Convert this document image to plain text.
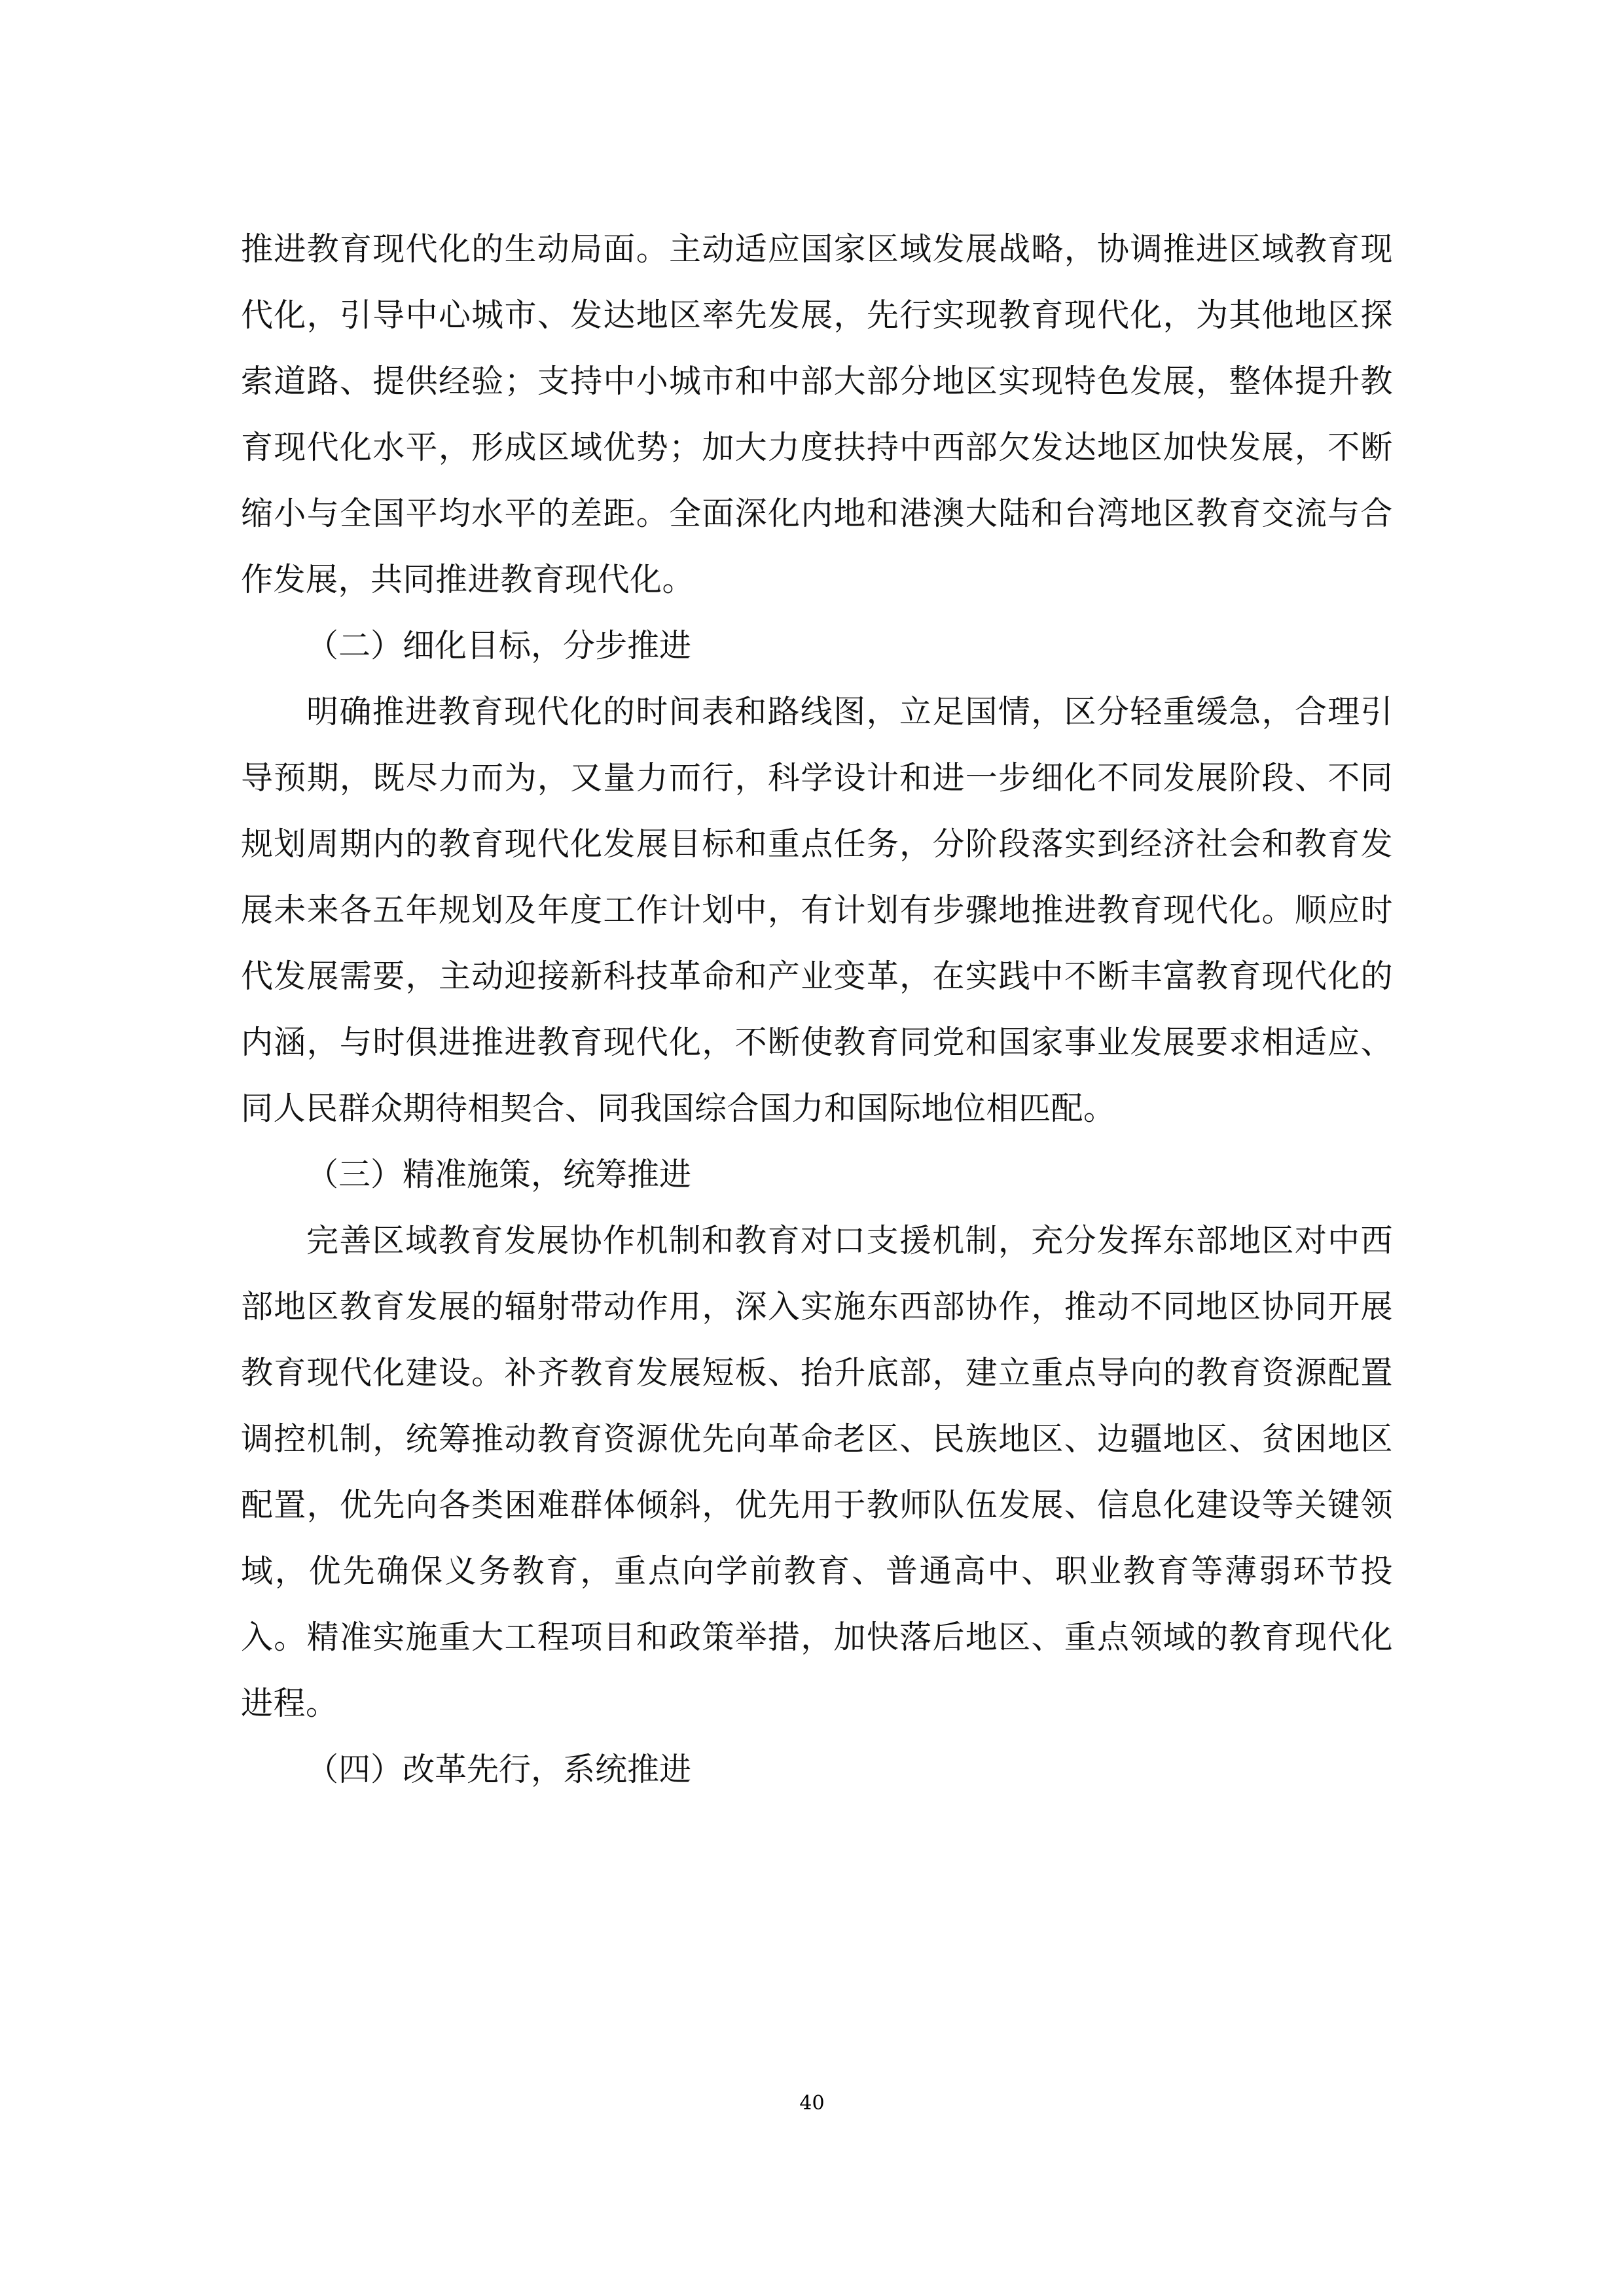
推进教育现代化的生动局面。主动适应国家区域发展战略，协调推进区域教育现代化，引导中心城市、发达地区率先发展，先行实现教育现代化，为其他地区探索道路、提供经验；支持中小城市和中部大部分地区实现特色发展，整体提升教育现代化水平，形成区域优势；加大力度扶持中西部欠发达地区加快发展，不断缩小与全国平均水平的差距。全面深化内地和港澳大陆和台湾地区教育交流与合作发展，共同推进教育现代化。

（二）细化目标，分步推进

明确推进教育现代化的时间表和路线图，立足国情，区分轻重缓急，合理引导预期，既尽力而为，又量力而行，科学设计和进一步细化不同发展阶段、不同规划周期内的教育现代化发展目标和重点任务，分阶段落实到经济社会和教育发展未来各五年规划及年度工作计划中，有计划有步骤地推进教育现代化。顺应时代发展需要，主动迎接新科技革命和产业变革，在实践中不断丰富教育现代化的内涵，与时俱进推进教育现代化，不断使教育同党和国家事业发展要求相适应、同人民群众期待相契合、同我国综合国力和国际地位相匹配。

（三）精准施策，统筹推进

完善区域教育发展协作机制和教育对口支援机制，充分发挥东部地区对中西部地区教育发展的辐射带动作用，深入实施东西部协作，推动不同地区协同开展教育现代化建设。补齐教育发展短板、抬升底部，建立重点导向的教育资源配置调控机制，统筹推动教育资源优先向革命老区、民族地区、边疆地区、贫困地区配置，优先向各类困难群体倾斜，优先用于教师队伍发展、信息化建设等关键领域，优先确保义务教育，重点向学前教育、普通高中、职业教育等薄弱环节投入。精准实施重大工程项目和政策举措，加快落后地区、重点领域的教育现代化进程。

（四）改革先行，系统推进

40
